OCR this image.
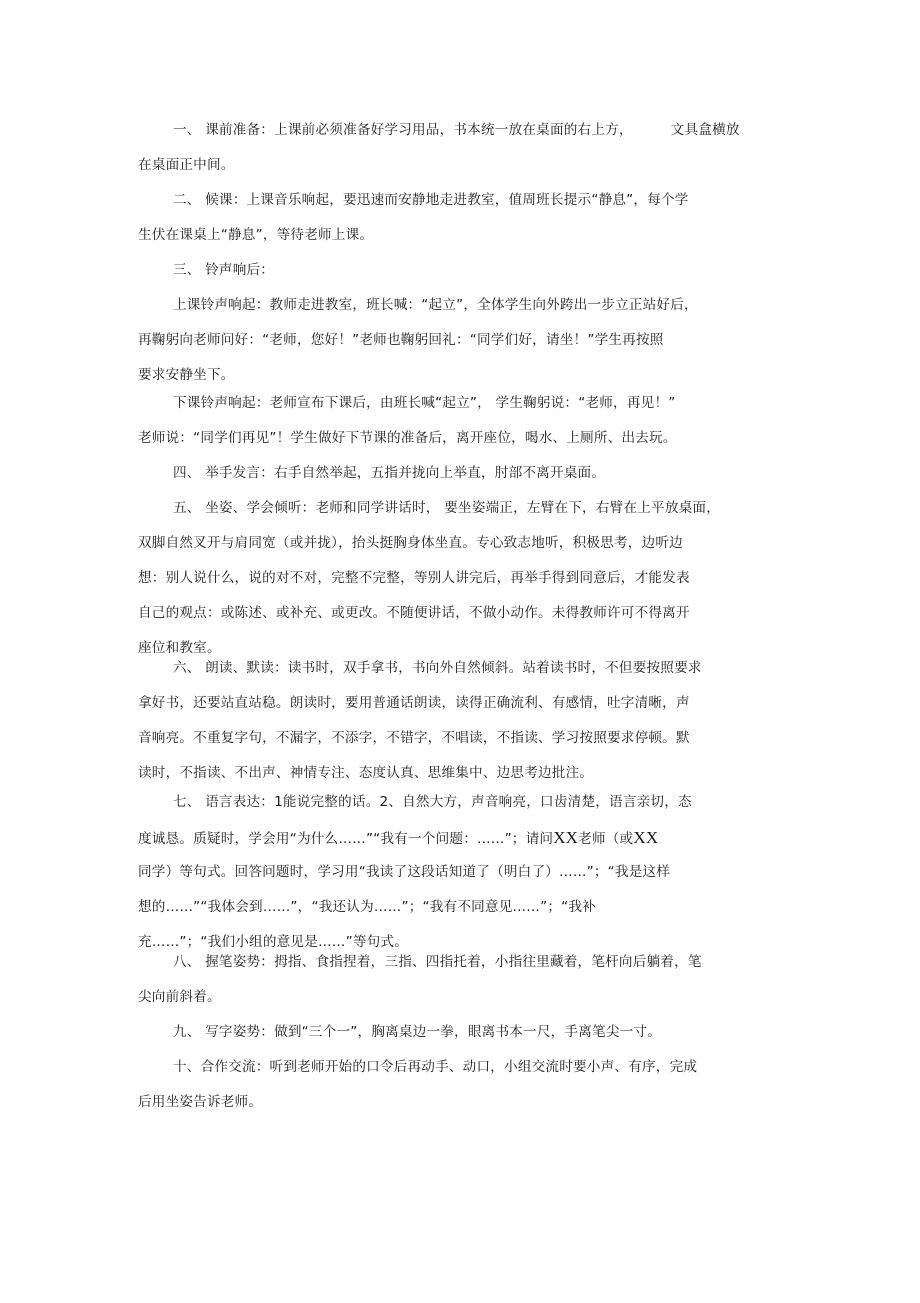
一、 课前准备：上课前必须准备好学习用品，书本统一放在桌面的右上方，	文具盒横放
在桌面正中间。
二、 候课：上课音乐响起，要迅速而安静地走进教室，值周班长提示“静息”，每个学
生伏在课桌上“静息”，等待老师上课。
三、 铃声响后：
上课铃声响起：教师走进教室，班长喊：“起立”，全体学生向外跨出一步立正站好后，
再鞠躬向老师问好：“老师，您好！”老师也鞠躬回礼：“同学们好，请坐！”学生再按照
要求安静坐下。
下课铃声响起：老师宣布下课后，由班长喊“起立”， 学生鞠躬说：“老师，再见！”
老师说：“同学们再见”！学生做好下节课的准备后，离开座位，喝水、上厕所、出去玩。
四、 举手发言：右手自然举起，五指并拢向上举直，肘部不离开桌面。
五、 坐姿、学会倾听：老师和同学讲话时， 要坐姿端正，左臂在下，右臂在上平放桌面，
双脚自然叉开与肩同宽（或并拢），抬头挺胸身体坐直。专心致志地听，积极思考，边听边
想：别人说什么，说的对不对，完整不完整，等别人讲完后，再举手得到同意后，才能发表
自己的观点：或陈述、或补充、或更改。不随便讲话，不做小动作。未得教师许可不得离开
座位和教室。
六、 朗读、默读：读书时，双手拿书，书向外自然倾斜。站着读书时，不但要按照要求
拿好书，还要站直站稳。朗读时，要用普通话朗读，读得正确流利、有感情，吐字清晰，声
音响亮。不重复字句，不漏字，不添字，不错字，不唱读，不指读、学习按照要求停顿。默
读时，不指读、不出声、神情专注、态度认真、思维集中、边思考边批注。
七、 语言表达：1能说完整的话。2、自然大方，声音响亮，口齿清楚，语言亲切，态
度诚恳。质疑时，学会用“为什么……”“我有一个问题：……”；请问XX老师（或XX
同学）等句式。回答问题时，学习用“我读了这段话知道了（明白了）……”；“我是这样
想的……”“我体会到……”，“我还认为……”；“我有不同意见……”；“我补
充……”；“我们小组的意见是……”等句式。
八、 握笔姿势：拇指、食指捏着，三指、四指托着，小指往里藏着，笔杆向后躺着，笔
尖向前斜着。
九、 写字姿势：做到“三个一”，胸离桌边一拳，眼离书本一尺，手离笔尖一寸。
十、合作交流：听到老师开始的口令后再动手、动口，小组交流时要小声、有序，完成
后用坐姿告诉老师。
